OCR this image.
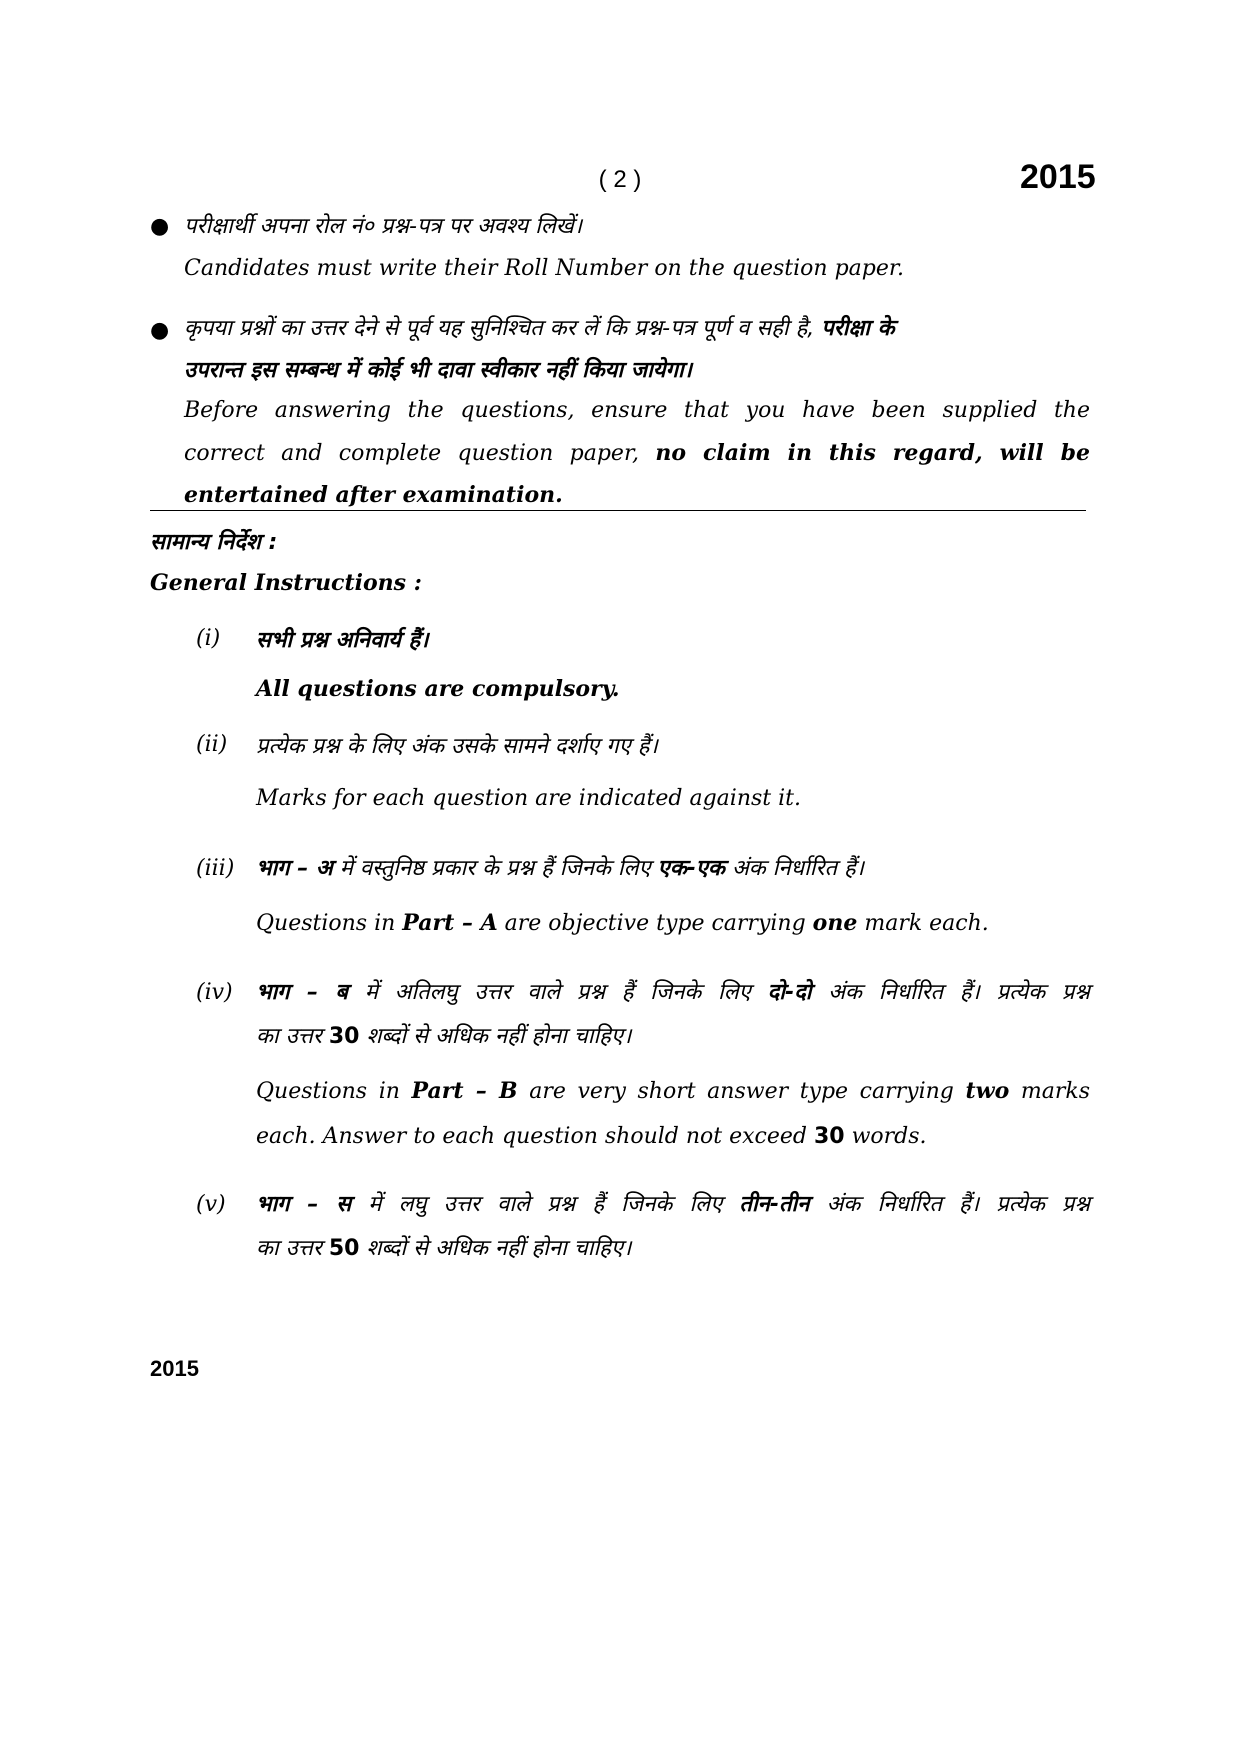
( 2 )	2015
● परीक्षार्थी अपना रोल नं० प्रश्न-पत्र पर अवश्य लिखें।
Candidates must write their Roll Number on the question paper.
● कृपया प्रश्नों का उत्तर देने से पूर्व यह सुनिश्चित कर लें कि प्रश्न-पत्र पूर्ण व सही है, परीक्षा के
उपरान्त इस सम्बन्ध में कोई भी दावा स्वीकार नहीं किया जायेगा।
Before answering the questions, ensure that you have been supplied the
correct and complete question paper, no claim in this regard, will be
entertained after examination.
सामान्य निर्देश :
General Instructions :
(i) सभी प्रश्न अनिवार्य हैं।
All questions are compulsory.
(ii) प्रत्येक प्रश्न के लिए अंक उसके सामने दर्शाए गए हैं।
Marks for each question are indicated against it.
(iii) भाग – अ में वस्तुनिष्ठ प्रकार के प्रश्न हैं जिनके लिए एक-एक अंक निर्धारित हैं।
Questions in Part – A are objective type carrying one mark each.
(iv) भाग – ब में अतिलघु उत्तर वाले प्रश्न हैं जिनके लिए दो-दो अंक निर्धारित हैं। प्रत्येक प्रश्न
का उत्तर 30 शब्दों से अधिक नहीं होना चाहिए।
Questions in Part – B are very short answer type carrying two marks
each. Answer to each question should not exceed 30 words.
(v) भाग – स में लघु उत्तर वाले प्रश्न हैं जिनके लिए तीन-तीन अंक निर्धारित हैं। प्रत्येक प्रश्न
का उत्तर 50 शब्दों से अधिक नहीं होना चाहिए।
2015
